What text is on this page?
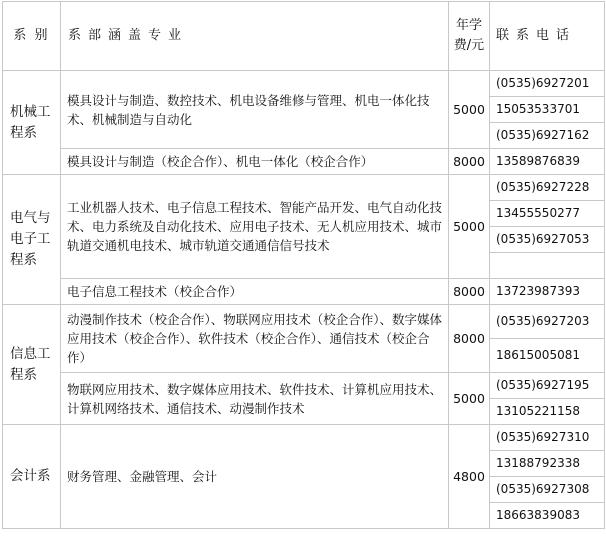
系 别	系部涵盖专业	年学费/元	联系电话
机械工程系	模具设计与制造、数控技术、机电设备维修与管理、机电一体化技术、机械制造与自动化	5000	(0535)6927201
			15053533701
			(0535)6927162
	模具设计与制造（校企合作）、机电一体化（校企合作）	8000	13589876839
电气与电子工程系	工业机器人技术、电子信息工程技术、智能产品开发、电气自动化技术、电力系统及自动化技术、应用电子技术、无人机应用技术、城市轨道交通机电技术、城市轨道交通通信信号技术	5000	(0535)6927228
			13455550277
			(0535)6927053

	电子信息工程技术（校企合作）	8000	13723987393
信息工程系	动漫制作技术（校企合作）、物联网应用技术（校企合作）、数字媒体应用技术（校企合作）、软件技术（校企合作）、通信技术（校企合作）	8000	(0535)6927203
			18615005081
	物联网应用技术、数字媒体应用技术、软件技术、计算机应用技术、计算机网络技术、通信技术、动漫制作技术	5000	(0535)6927195
			13105221158
会计系	财务管理、金融管理、会计	4800	(0535)6927310
			13188792338
			(0535)6927308
			18663839083
